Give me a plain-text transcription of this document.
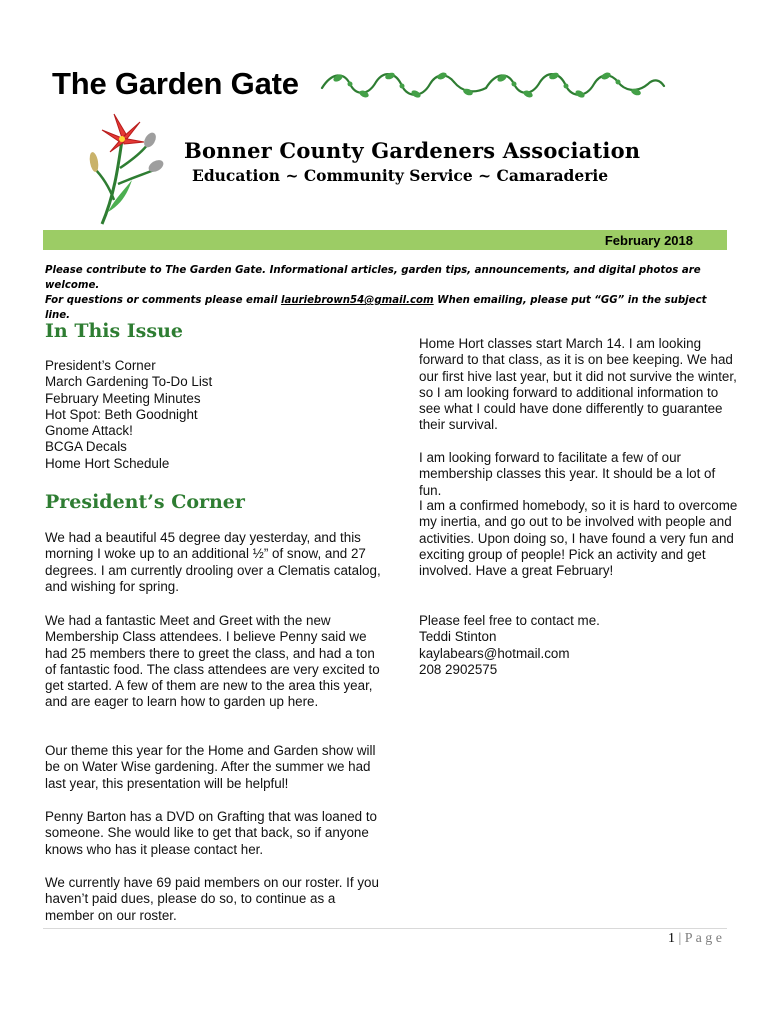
The Garden Gate
Bonner County Gardeners Association
Education ~ Community Service ~ Camaraderie
February 2018
Please contribute to The Garden Gate. Informational articles, garden tips, announcements, and digital photos are welcome.
For questions or comments please email lauriebrown54@gmail.com When emailing, please put “GG” in the subject line.
In This Issue
President’s Corner
March Gardening To-Do List
February Meeting Minutes
Hot Spot: Beth Goodnight
Gnome Attack!
BCGA Decals
Home Hort Schedule
President’s Corner
We had a beautiful 45 degree day yesterday, and this morning I woke up to an additional ½” of snow, and 27 degrees. I am currently drooling over a Clematis catalog, and wishing for spring.
We had a fantastic Meet and Greet with the new Membership Class attendees. I believe Penny said we had 25 members there to greet the class, and had a ton of fantastic food. The class attendees are very excited to get started. A few of them are new to the area this year, and are eager to learn how to garden up here.
Our theme this year for the Home and Garden show will be on Water Wise gardening. After the summer we had last year, this presentation will be helpful!
Penny Barton has a DVD on Grafting that was loaned to someone. She would like to get that back, so if anyone knows who has it please contact her.
We currently have 69 paid members on our roster. If you haven’t paid dues, please do so, to continue as a member on our roster.
Home Hort classes start March 14. I am looking forward to that class, as it is on bee keeping. We had our first hive last year, but it did not survive the winter, so I am looking forward to additional information to see what I could have done differently to guarantee their survival.
I am looking forward to facilitate a few of our membership classes this year. It should be a lot of fun.
I am a confirmed homebody, so it is hard to overcome my inertia, and go out to be involved with people and activities. Upon doing so, I have found a very fun and exciting group of people! Pick an activity and get involved. Have a great February!
Please feel free to contact me.
Teddi Stinton
kaylabears@hotmail.com
208 2902575
1 | P a g e
